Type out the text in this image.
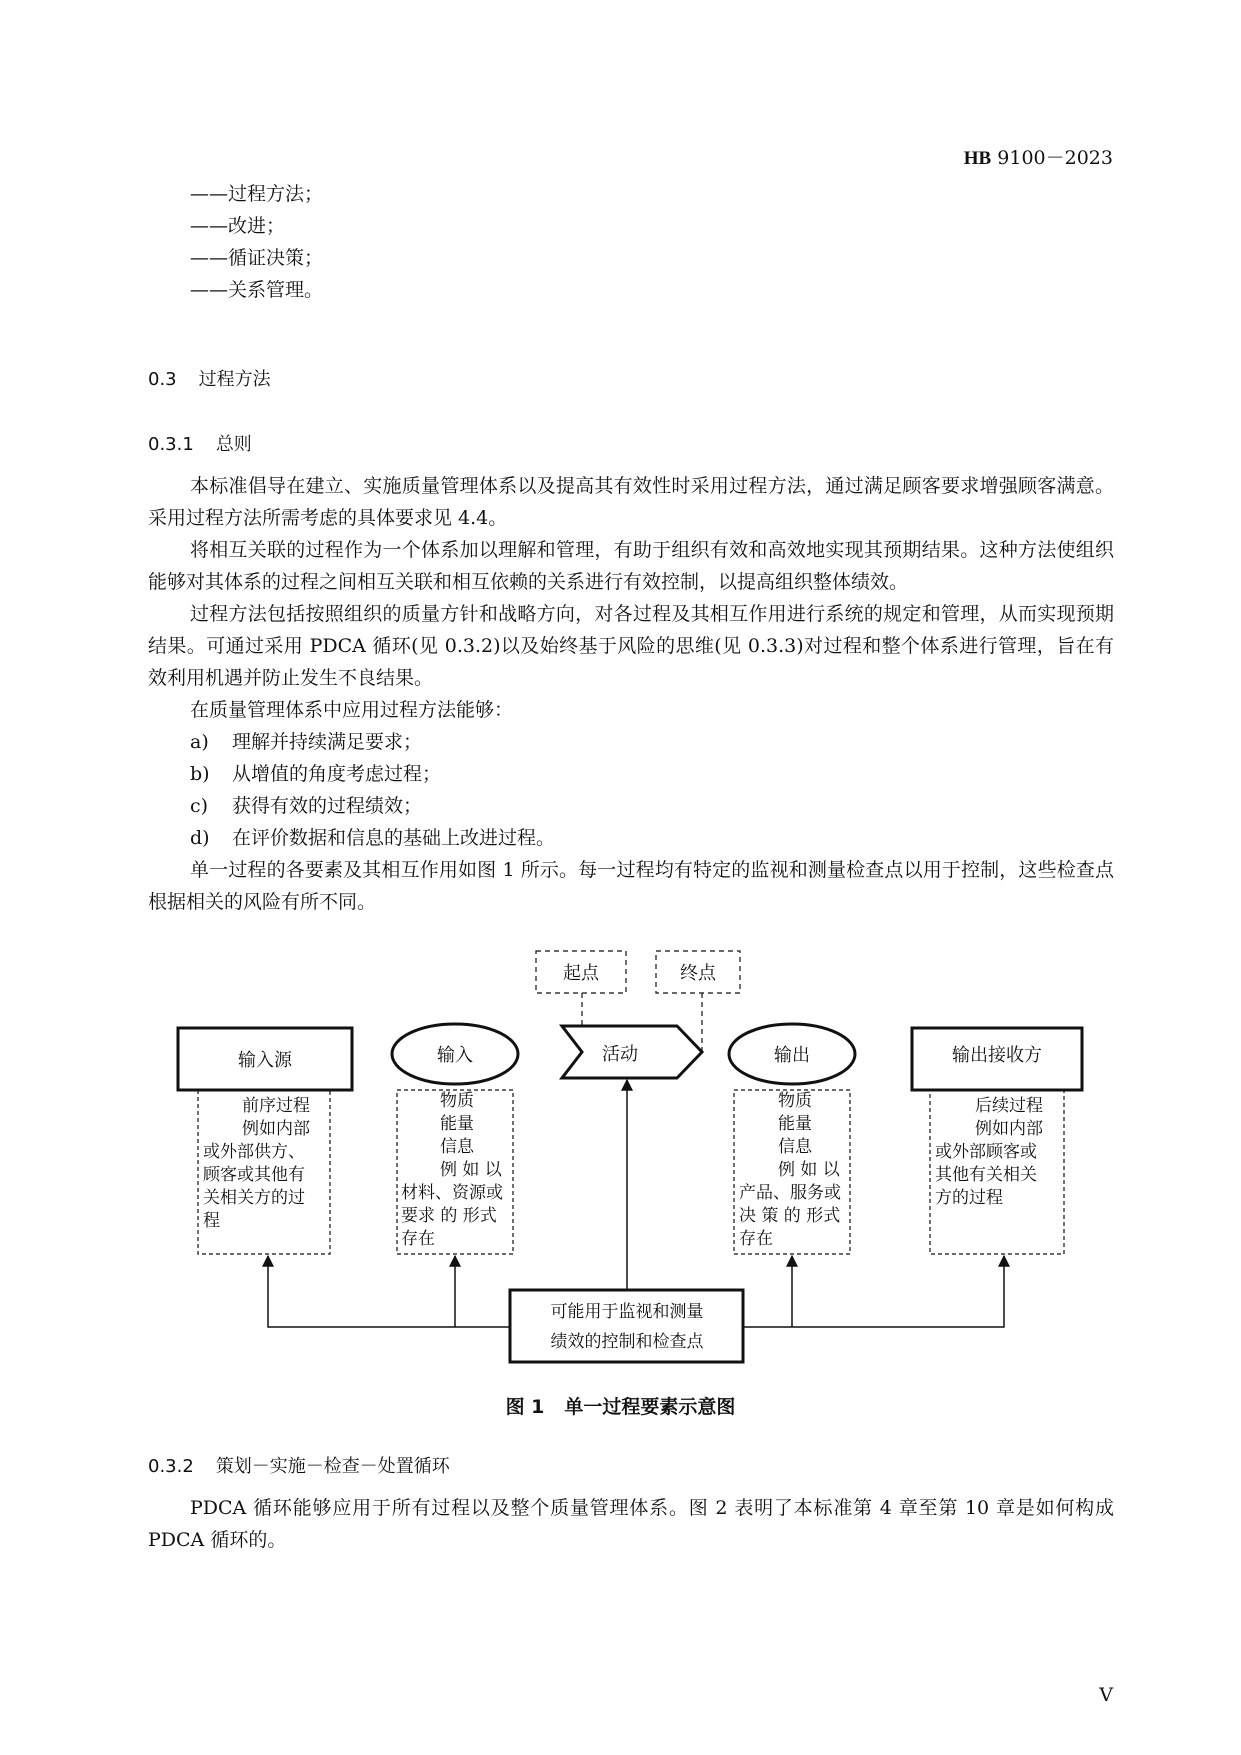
HB 9100－2023
——过程方法；
——改进；
——循证决策；
——关系管理。
0.3 过程方法
0.3.1 总则

本标准倡导在建立、实施质量管理体系以及提高其有效性时采用过程方法，通过满足顾客要求增强顾客满意。采用过程方法所需考虑的具体要求见 4.4。

将相互关联的过程作为一个体系加以理解和管理，有助于组织有效和高效地实现其预期结果。这种方法使组织能够对其体系的过程之间相互关联和相互依赖的关系进行有效控制，以提高组织整体绩效。

过程方法包括按照组织的质量方针和战略方向，对各过程及其相互作用进行系统的规定和管理，从而实现预期结果。可通过采用 PDCA 循环(见 0.3.2)以及始终基于风险的思维(见 0.3.3)对过程和整个体系进行管理，旨在有效利用机遇并防止发生不良结果。

在质量管理体系中应用过程方法能够：

a) 理解并持续满足要求；
b) 从增值的角度考虑过程；
c) 获得有效的过程绩效；
d) 在评价数据和信息的基础上改进过程。

单一过程的各要素及其相互作用如图 1 所示。每一过程均有特定的监视和测量检查点以用于控制，这些检查点根据相关的风险有所不同。

起点	终点
输入源	输入	活动	输出	输出接收方
前序过程
例如内部
或外部供方、
顾客或其他有
关相关方的过
程
物质
能量
信息
例 如 以
材料、资源或
要求 的 形式
存在
物质
能量
信息
例 如 以
产品、服务或
决 策 的 形式
存在
后续过程
例如内部
或外部顾客或
其他有关相关
方的过程
可能用于监视和测量
绩效的控制和检查点
图 1 单一过程要素示意图
0.3.2 策划－实施－检查－处置循环

PDCA 循环能够应用于所有过程以及整个质量管理体系。图 2 表明了本标准第 4 章至第 10 章是如何构成 PDCA 循环的。

V
